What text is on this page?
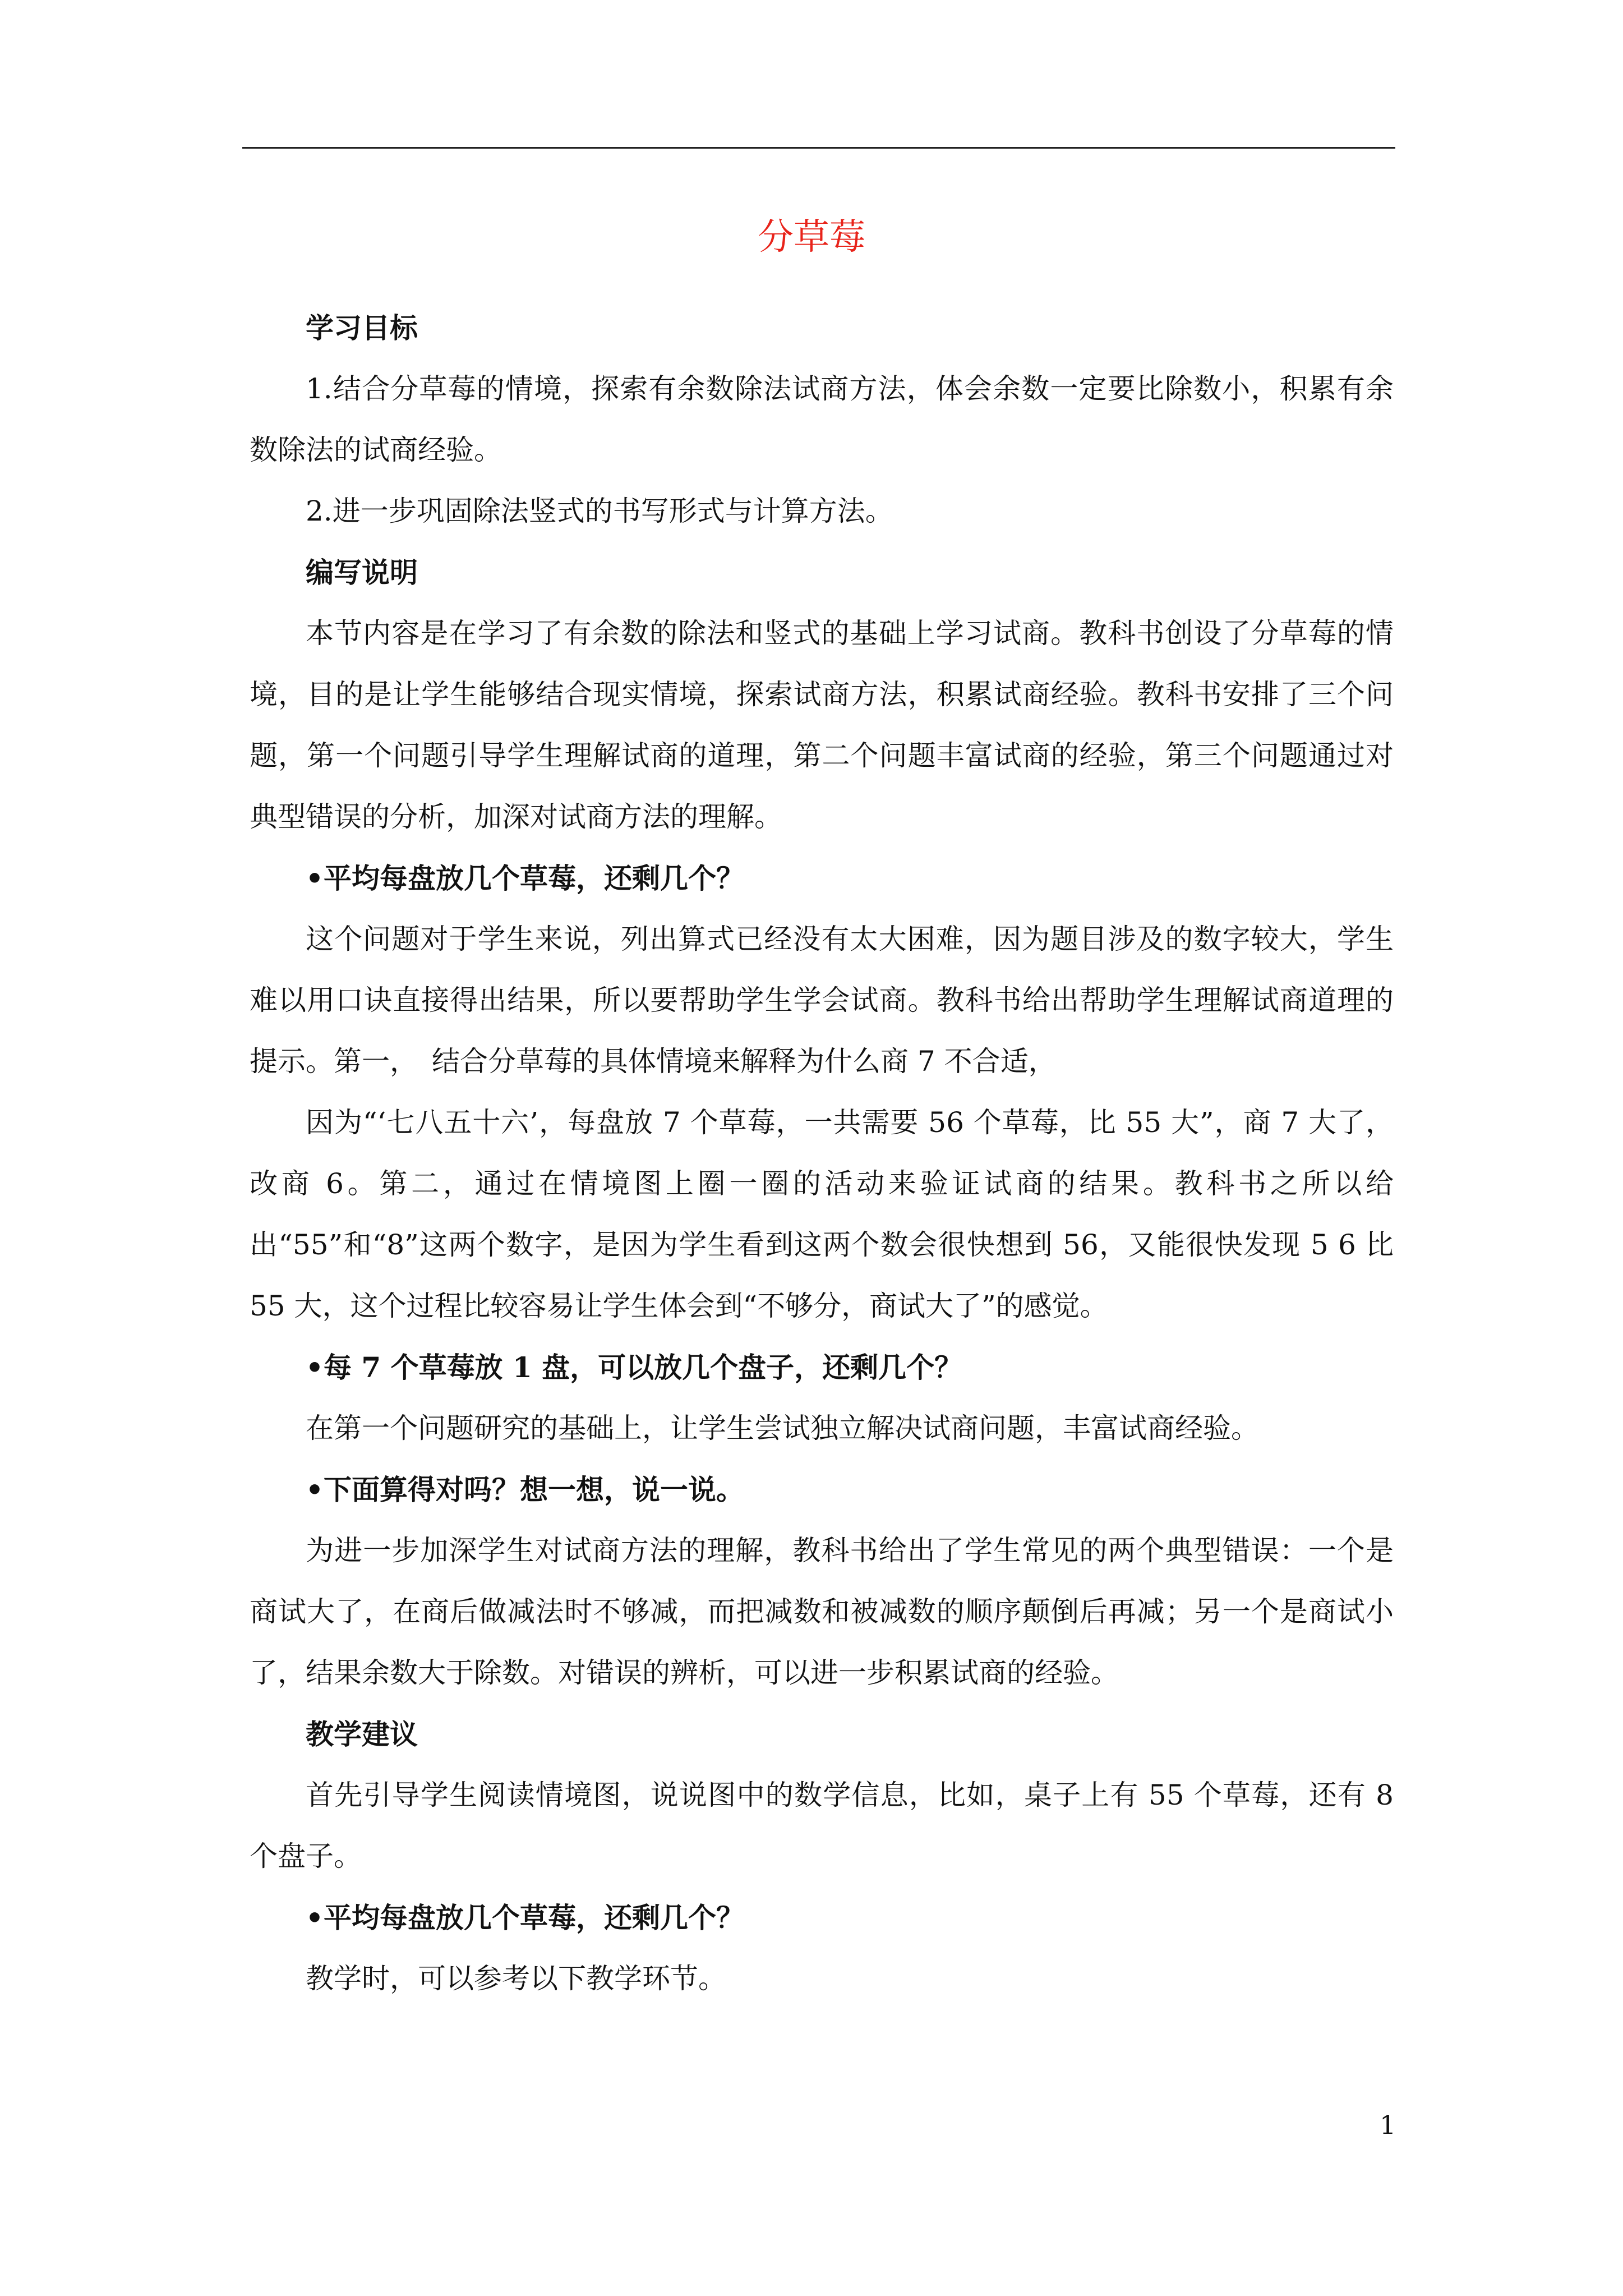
分草莓

学习目标

1.结合分草莓的情境，探索有余数除法试商方法，体会余数一定要比除数小，积累有余数除法的试商经验。

2.进一步巩固除法竖式的书写形式与计算方法。

编写说明

本节内容是在学习了有余数的除法和竖式的基础上学习试商。教科书创设了分草莓的情境，目的是让学生能够结合现实情境，探索试商方法，积累试商经验。教科书安排了三个问题，第一个问题引导学生理解试商的道理，第二个问题丰富试商的经验，第三个问题通过对典型错误的分析，加深对试商方法的理解。

•平均每盘放几个草莓，还剩几个？

这个问题对于学生来说，列出算式已经没有太大困难，因为题目涉及的数字较大，学生难以用口诀直接得出结果，所以要帮助学生学会试商。教科书给出帮助学生理解试商道理的提示。第一，　结合分草莓的具体情境来解释为什么商 7 不合适，

因为“‘七八五十六’，每盘放 7 个草莓，一共需要 56 个草莓，比 55 大”，商 7 大了，改商 6。第二，通过在情境图上圈一圈的活动来验证试商的结果。教科书之所以给出“55”和“8”这两个数字，是因为学生看到这两个数会很快想到 56，又能很快发现 5 6 比 55 大，这个过程比较容易让学生体会到“不够分，商试大了”的感觉。

•每 7 个草莓放 1 盘，可以放几个盘子，还剩几个？

在第一个问题研究的基础上，让学生尝试独立解决试商问题，丰富试商经验。

•下面算得对吗？想一想，说一说。

为进一步加深学生对试商方法的理解，教科书给出了学生常见的两个典型错误：一个是商试大了，在商后做减法时不够减，而把减数和被减数的顺序颠倒后再减；另一个是商试小了，结果余数大于除数。对错误的辨析，可以进一步积累试商的经验。

教学建议

首先引导学生阅读情境图，说说图中的数学信息，比如，桌子上有 55 个草莓，还有 8 个盘子。

•平均每盘放几个草莓，还剩几个？

教学时，可以参考以下教学环节。

1
